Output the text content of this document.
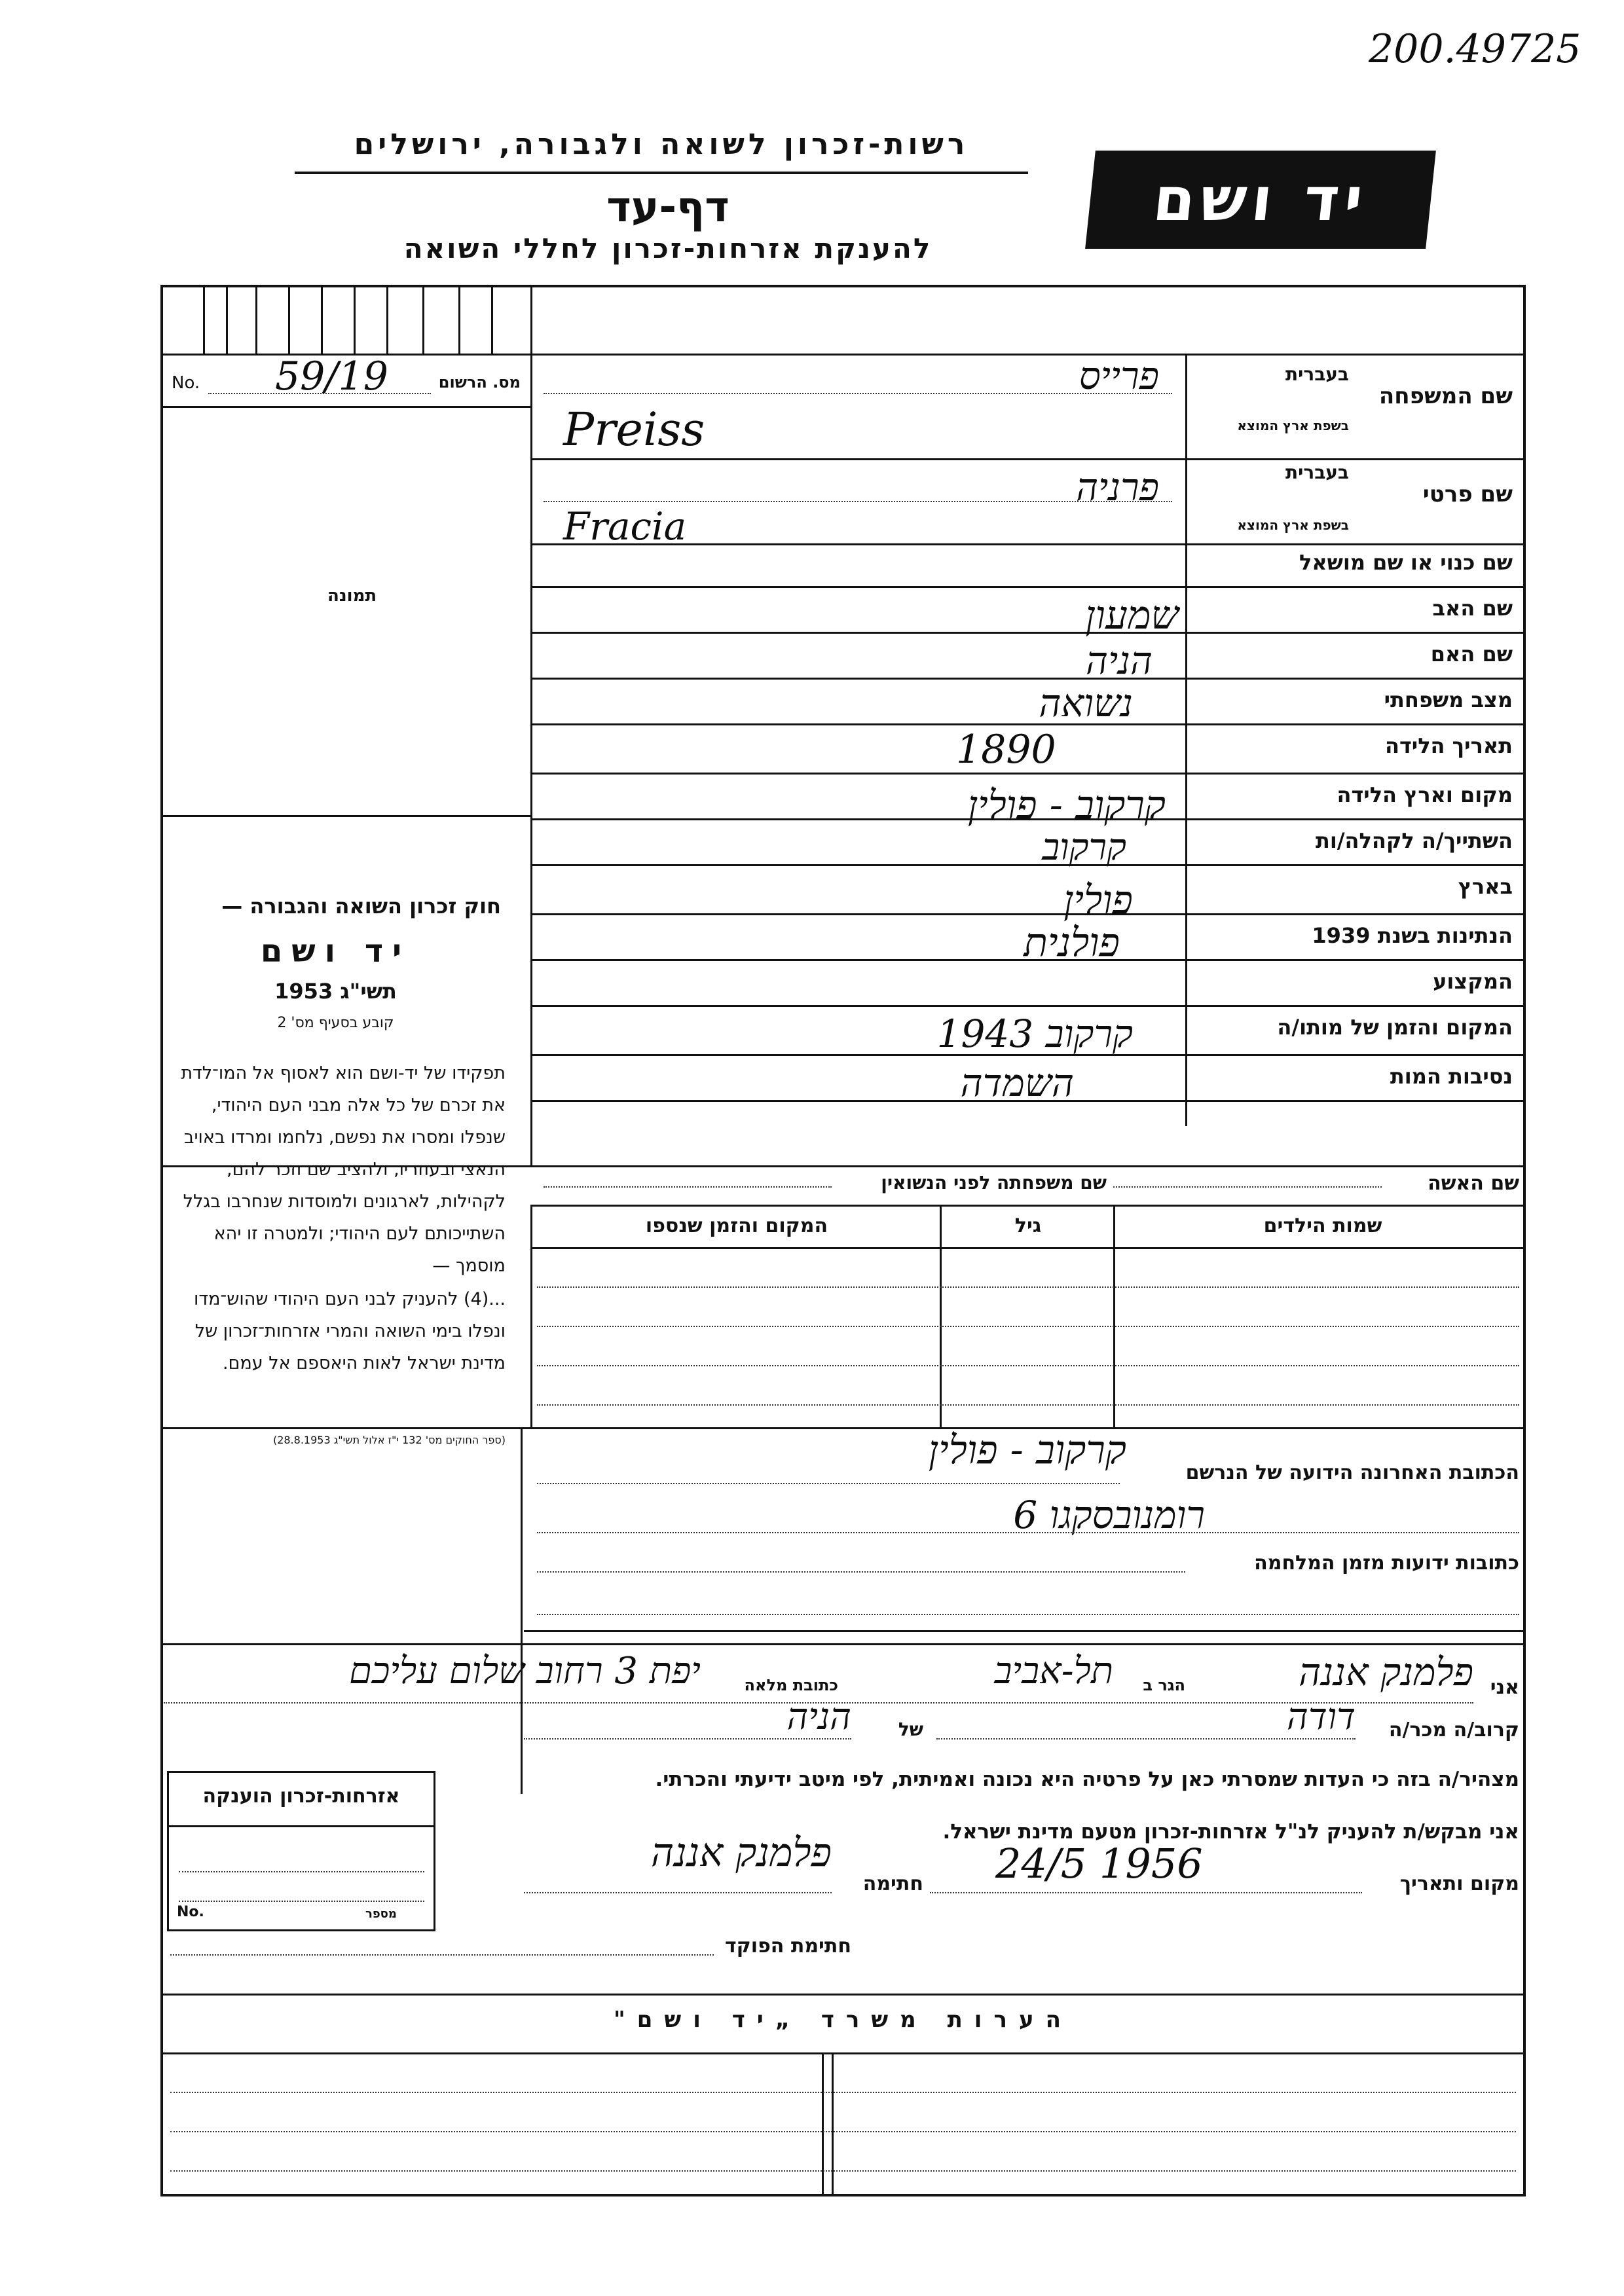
200.49725
רשות-זכרון לשואה ולגבורה, ירושלים
דף-עד
להענקת אזרחות-זכרון לחללי השואה
יד ושם
No. 59/19	מס. הרשום
תמונה
חוק זכרון השואה והגבורה —
יד ושם
תשי"ג 1953
קובע בסעיף מס' 2
תפקידו של יד-ושם הוא לאסוף אל המו־לדת את זכרם של כל אלה מבני העם היהודי, שנפלו ומסרו את נפשם, נלחמו ומרדו באויב הנאצי ובעוזריו, ולהציב שם וזכר להם, לקהילות, לארגונים ולמוסדות שנחרבו בגלל השתייכותם לעם היהודי; ולמטרה זו יהא מוסמך —
...(4) להעניק לבני העם היהודי שהוש־מדו ונפלו בימי השואה והמרי אזרחות־זכרון של מדינת ישראל לאות היאספם אל עמם.
(ספר החוקים מס' 132 י"ז אלול תשי"ג 28.8.1953)
שם המשפחה
בעברית
בשפת ארץ המוצא
פרייס
Preiss
שם פרטי
בעברית
בשפת ארץ המוצא
פרניה
Fracia
שם כנוי או שם מושאל
שם האב
שמעון
שם האם
הניה
מצב משפחתי
נשואה
תאריך הלידה
1890
מקום וארץ הלידה
קרקוב - פולין
השתייך/ה לקהלה/ות
קרקוב
בארץ
פולין
הנתינות בשנת 1939
פולנית
המקצוע
המקום והזמן של מותו/ה
קרקוב 1943
נסיבות המות
השמדה
שם האשה
שם משפחתה לפני הנשואין
שמות הילדים
גיל
המקום והזמן שנספו
הכתובת האחרונה הידועה של הנרשם
קרקוב - פולין
רומנובסקגו 6
כתובות ידועות מזמן המלחמה
אני
פלמנק אננה
הגר ב
תל-אביב
כתובת מלאה
יפת 3 רחוב שלום עליכם
קרוב/ה מכר/ה
דודה
של
הניה
מצהיר/ה בזה כי העדות שמסרתי כאן על פרטיה היא נכונה ואמיתית, לפי מיטב ידיעתי והכרתי.
אני מבקש/ת להעניק לנ"ל אזרחות-זכרון מטעם מדינת ישראל.
מקום ותאריך
24/5 1956
חתימה
פלמנק אננה
חתימת הפוקד
אזרחות-זכרון הוענקה
No.	מספר
הערות משרד „יד ושם"
